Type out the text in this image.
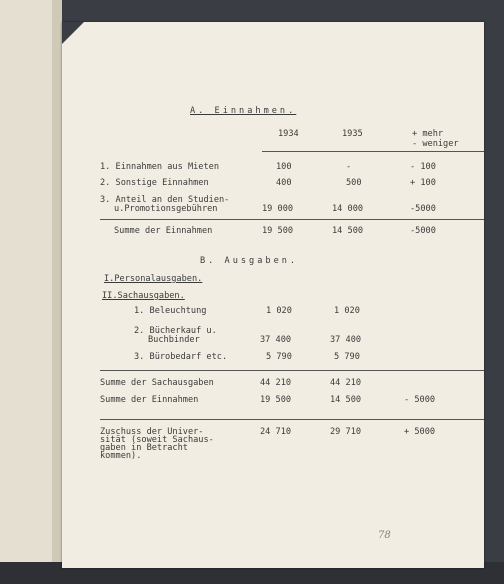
A. Einnahmen.
1934	1935	+ mehr
- weniger
1. Einnahmen aus Mieten	100	-	- 100
2. Sonstige Einnahmen	400	500	+ 100
3. Anteil an den Studien-
u.Promotionsgebühren	19 000	14 000	-5000
Summe der Einnahmen	19 500	14 500	-5000
B. Ausgaben.
I.Personalausgaben.
II.Sachausgaben.
1. Beleuchtung	1 020	1 020
2. Bücherkauf u.
Buchbinder	37 400	37 400
3. Bürobedarf etc.	5 790	5 790
Summe der Sachausgaben	44 210	44 210
Summe der Einnahmen	19 500	14 500	- 5000
Zuschuss der Univer-
sität (soweit Sachaus-
gaben in Betracht
kommen).
24 710	29 710	+ 5000
78
